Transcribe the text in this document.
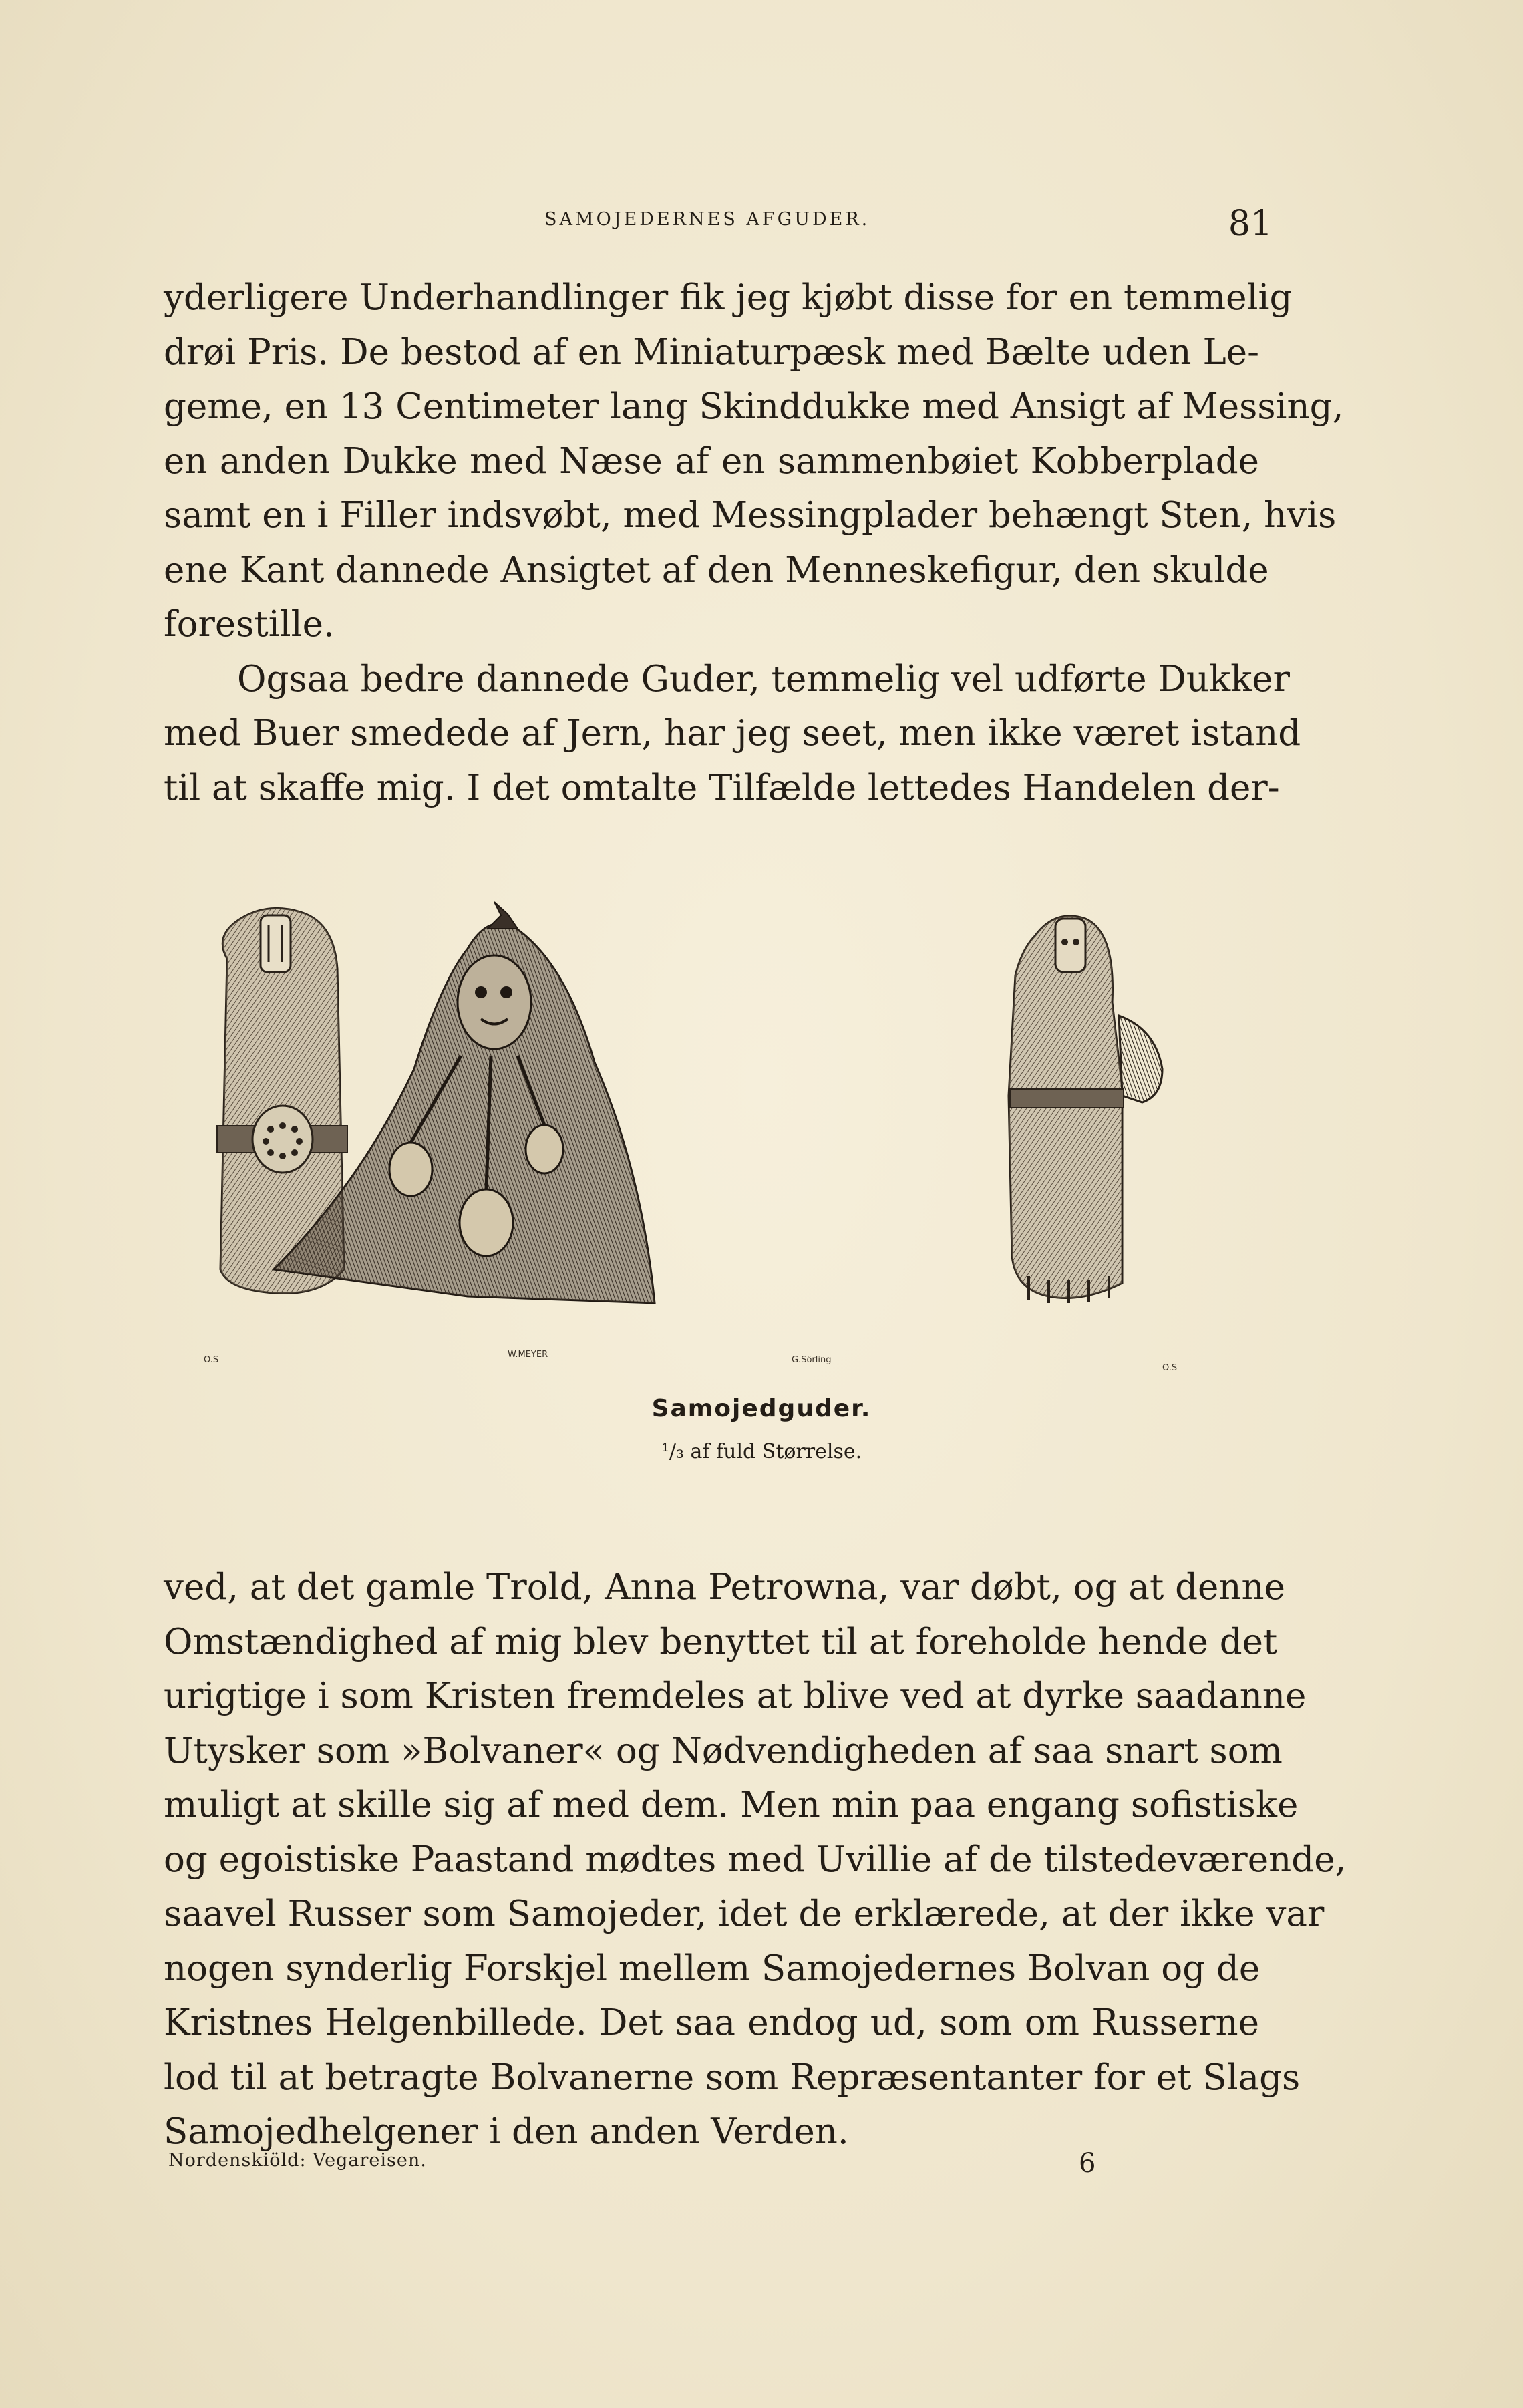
SAMOJEDERNES AFGUDER.	81
yderligere Underhandlinger fik jeg kjøbt disse for en temmelig
drøi Pris. De bestod af en Miniaturpæsk med Bælte uden Le-
geme, en 13 Centimeter lang Skinddukke med Ansigt af Messing,
en anden Dukke med Næse af en sammenbøiet Kobberplade
samt en i Filler indsvøbt, med Messingplader behængt Sten, hvis
ene Kant dannede Ansigtet af den Menneskefigur, den skulde
forestille.
Ogsaa bedre dannede Guder, temmelig vel udførte Dukker
med Buer smedede af Jern, har jeg seet, men ikke været istand
til at skaffe mig. I det omtalte Tilfælde lettedes Handelen der-
O.S
W.MEYER
G.Sörling
O.S
Samojedguder.
¹/₃ af fuld Størrelse.
ved, at det gamle Trold, Anna Petrowna, var døbt, og at denne
Omstændighed af mig blev benyttet til at foreholde hende det
urigtige i som Kristen fremdeles at blive ved at dyrke saadanne
Utysker som »Bolvaner« og Nødvendigheden af saa snart som
muligt at skille sig af med dem. Men min paa engang sofistiske
og egoistiske Paastand mødtes med Uvillie af de tilstedeværende,
saavel Russer som Samojeder, idet de erklærede, at der ikke var
nogen synderlig Forskjel mellem Samojedernes Bolvan og de
Kristnes Helgenbillede. Det saa endog ud, som om Russerne
lod til at betragte Bolvanerne som Repræsentanter for et Slags
Samojedhelgener i den anden Verden.
Nordenskiöld: Vegareisen.	6
